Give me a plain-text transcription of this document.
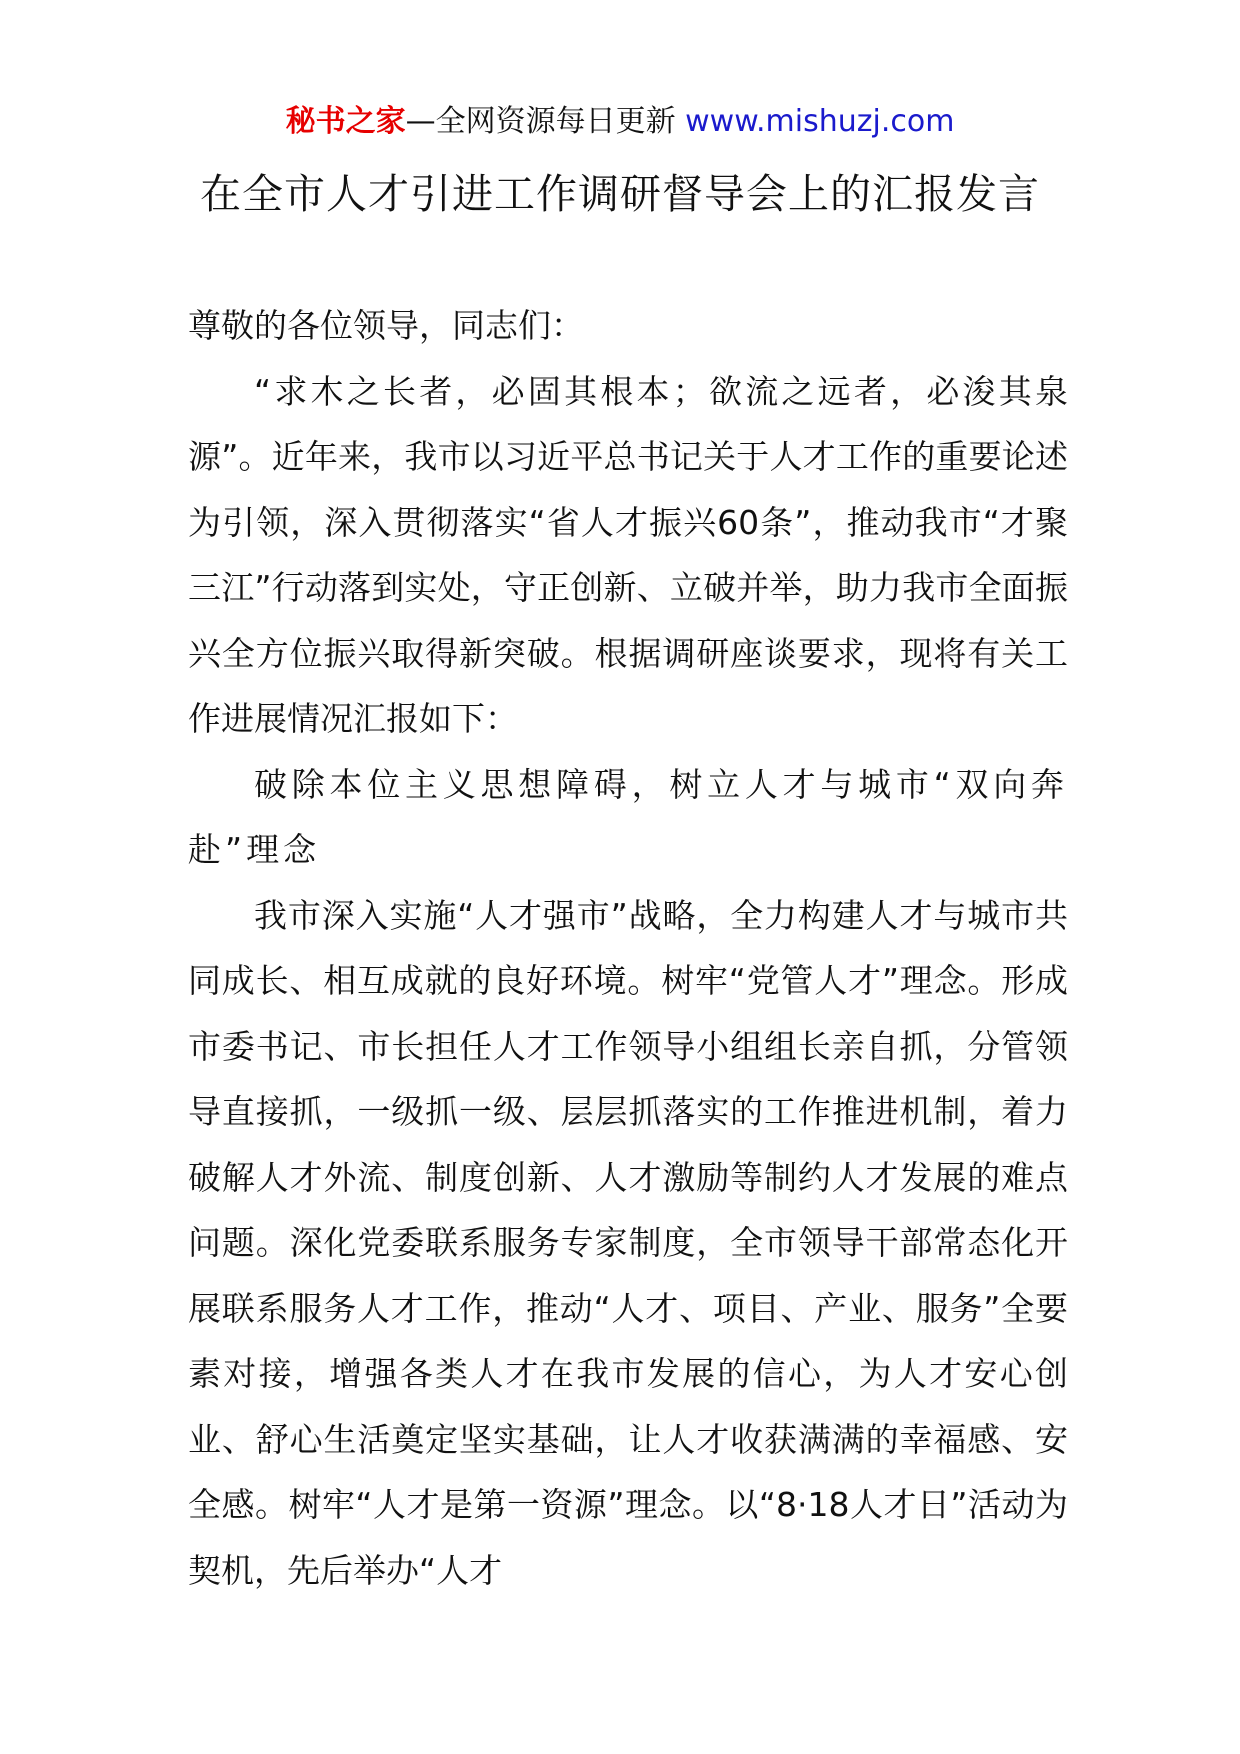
秘书之家—全网资源每日更新 www.mishuzj.com
在全市人才引进工作调研督导会上的汇报发言

尊敬的各位领导，同志们：

“求木之长者，必固其根本；欲流之远者，必浚其泉源”。近年来，我市以习近平总书记关于人才工作的重要论述为引领，深入贯彻落实“省人才振兴60条”，推动我市“才聚三江”行动落到实处，守正创新、立破并举，助力我市全面振兴全方位振兴取得新突破。根据调研座谈要求，现将有关工作进展情况汇报如下：

破除本位主义思想障碍，树立人才与城市“双向奔赴”理念

我市深入实施“人才强市”战略，全力构建人才与城市共同成长、相互成就的良好环境。树牢“党管人才”理念。形成市委书记、市长担任人才工作领导小组组长亲自抓，分管领导直接抓，一级抓一级、层层抓落实的工作推进机制，着力破解人才外流、制度创新、人才激励等制约人才发展的难点问题。深化党委联系服务专家制度，全市领导干部常态化开展联系服务人才工作，推动“人才、项目、产业、服务”全要素对接，增强各类人才在我市发展的信心，为人才安心创业、舒心生活奠定坚实基础，让人才收获满满的幸福感、安全感。树牢“人才是第一资源”理念。以“8·18人才日”活动为契机，先后举办“人才
